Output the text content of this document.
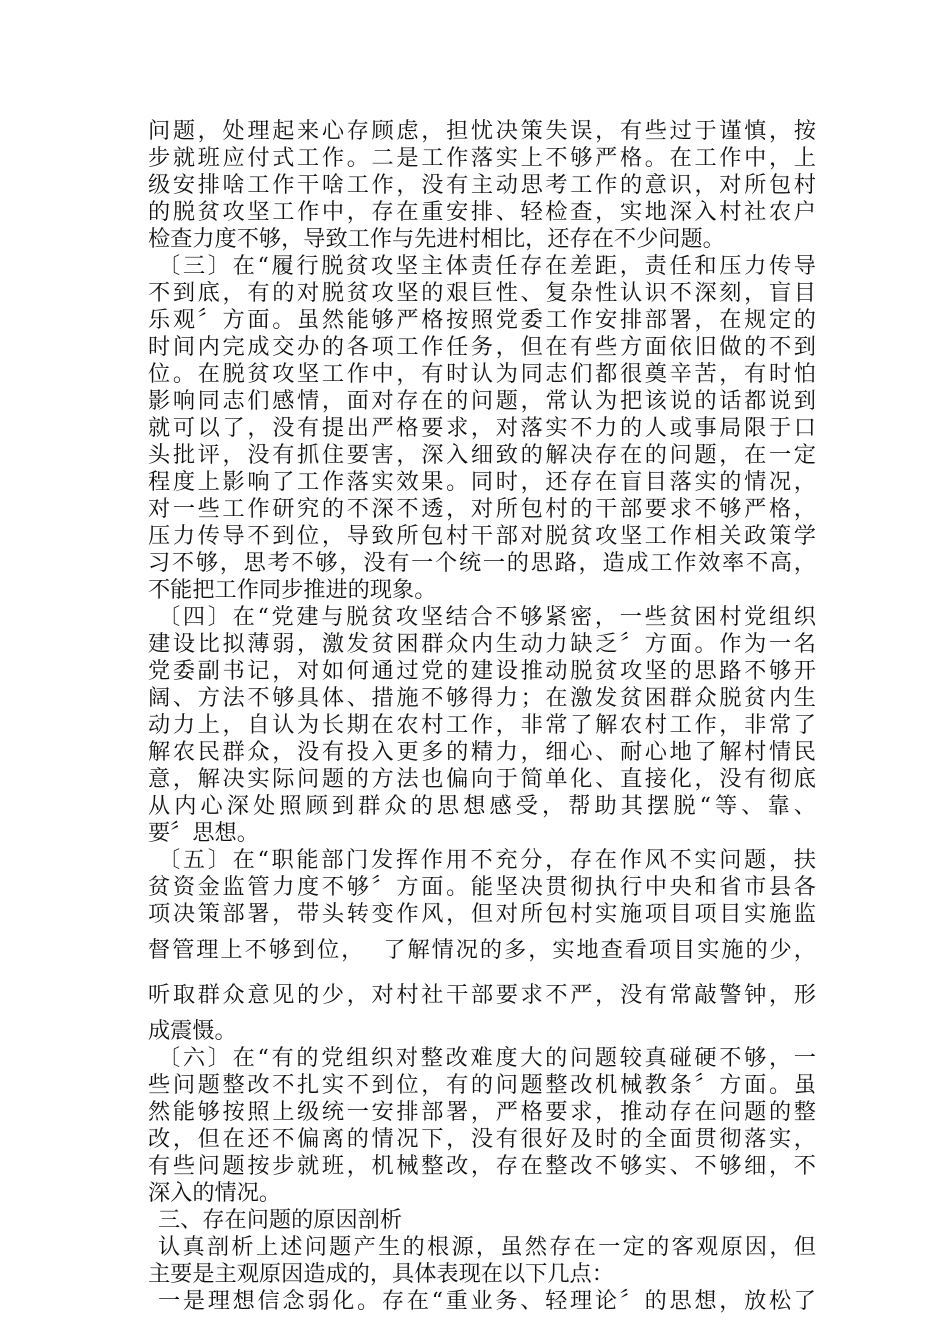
问题，处理起来心存顾虑，担忧决策失误，有些过于谨慎，按
步就班应付式工作。二是工作落实上不够严格。在工作中，上
级安排啥工作干啥工作，没有主动思考工作的意识，对所包村
的脱贫攻坚工作中，存在重安排、轻检查，实地深入村社农户
检查力度不够，导致工作与先进村相比，还存在不少问题。
〔三〕在“履行脱贫攻坚主体责任存在差距，责任和压力传导
不到底，有的对脱贫攻坚的艰巨性、复杂性认识不深刻，盲目
乐观〞方面。虽然能够严格按照党委工作安排部署，在规定的
时间内完成交办的各项工作任务，但在有些方面依旧做的不到
位。在脱贫攻坚工作中，有时认为同志们都很奠辛苦，有时怕
影响同志们感情，面对存在的问题，常认为把该说的话都说到
就可以了，没有提出严格要求，对落实不力的人或事局限于口
头批评，没有抓住要害，深入细致的解决存在的问题，在一定
程度上影响了工作落实效果。同时，还存在盲目落实的情况，
对一些工作研究的不深不透，对所包村的干部要求不够严格，
压力传导不到位，导致所包村干部对脱贫攻坚工作相关政策学
习不够，思考不够，没有一个统一的思路，造成工作效率不高，
不能把工作同步推进的现象。
〔四〕在“党建与脱贫攻坚结合不够紧密，一些贫困村党组织
建设比拟薄弱，激发贫困群众内生动力缺乏〞方面。作为一名
党委副书记，对如何通过党的建设推动脱贫攻坚的思路不够开
阔、方法不够具体、措施不够得力；在激发贫困群众脱贫内生
动力上，自认为长期在农村工作，非常了解农村工作，非常了
解农民群众，没有投入更多的精力，细心、耐心地了解村情民
意，解决实际问题的方法也偏向于简单化、直接化，没有彻底
从内心深处照顾到群众的思想感受，帮助其摆脱“等、靠、
要〞思想。
〔五〕在“职能部门发挥作用不充分，存在作风不实问题，扶
贫资金监管力度不够〞方面。能坚决贯彻执行中央和省市县各
项决策部署，带头转变作风，但对所包村实施项目项目实施监
督管理上不够到位，  了解情况的多，实地查看项目实施的少，
听取群众意见的少，对村社干部要求不严，没有常敲警钟，形
成震慑。
〔六〕在“有的党组织对整改难度大的问题较真碰硬不够，一
些问题整改不扎实不到位，有的问题整改机械教条〞方面。虽
然能够按照上级统一安排部署，严格要求，推动存在问题的整
改，但在还不偏离的情况下，没有很好及时的全面贯彻落实，
有些问题按步就班，机械整改，存在整改不够实、不够细，不
深入的情况。
三、存在问题的原因剖析
认真剖析上述问题产生的根源，虽然存在一定的客观原因，但
主要是主观原因造成的，具体表现在以下几点：
一是理想信念弱化。存在“重业务、轻理论〞的思想，放松了
